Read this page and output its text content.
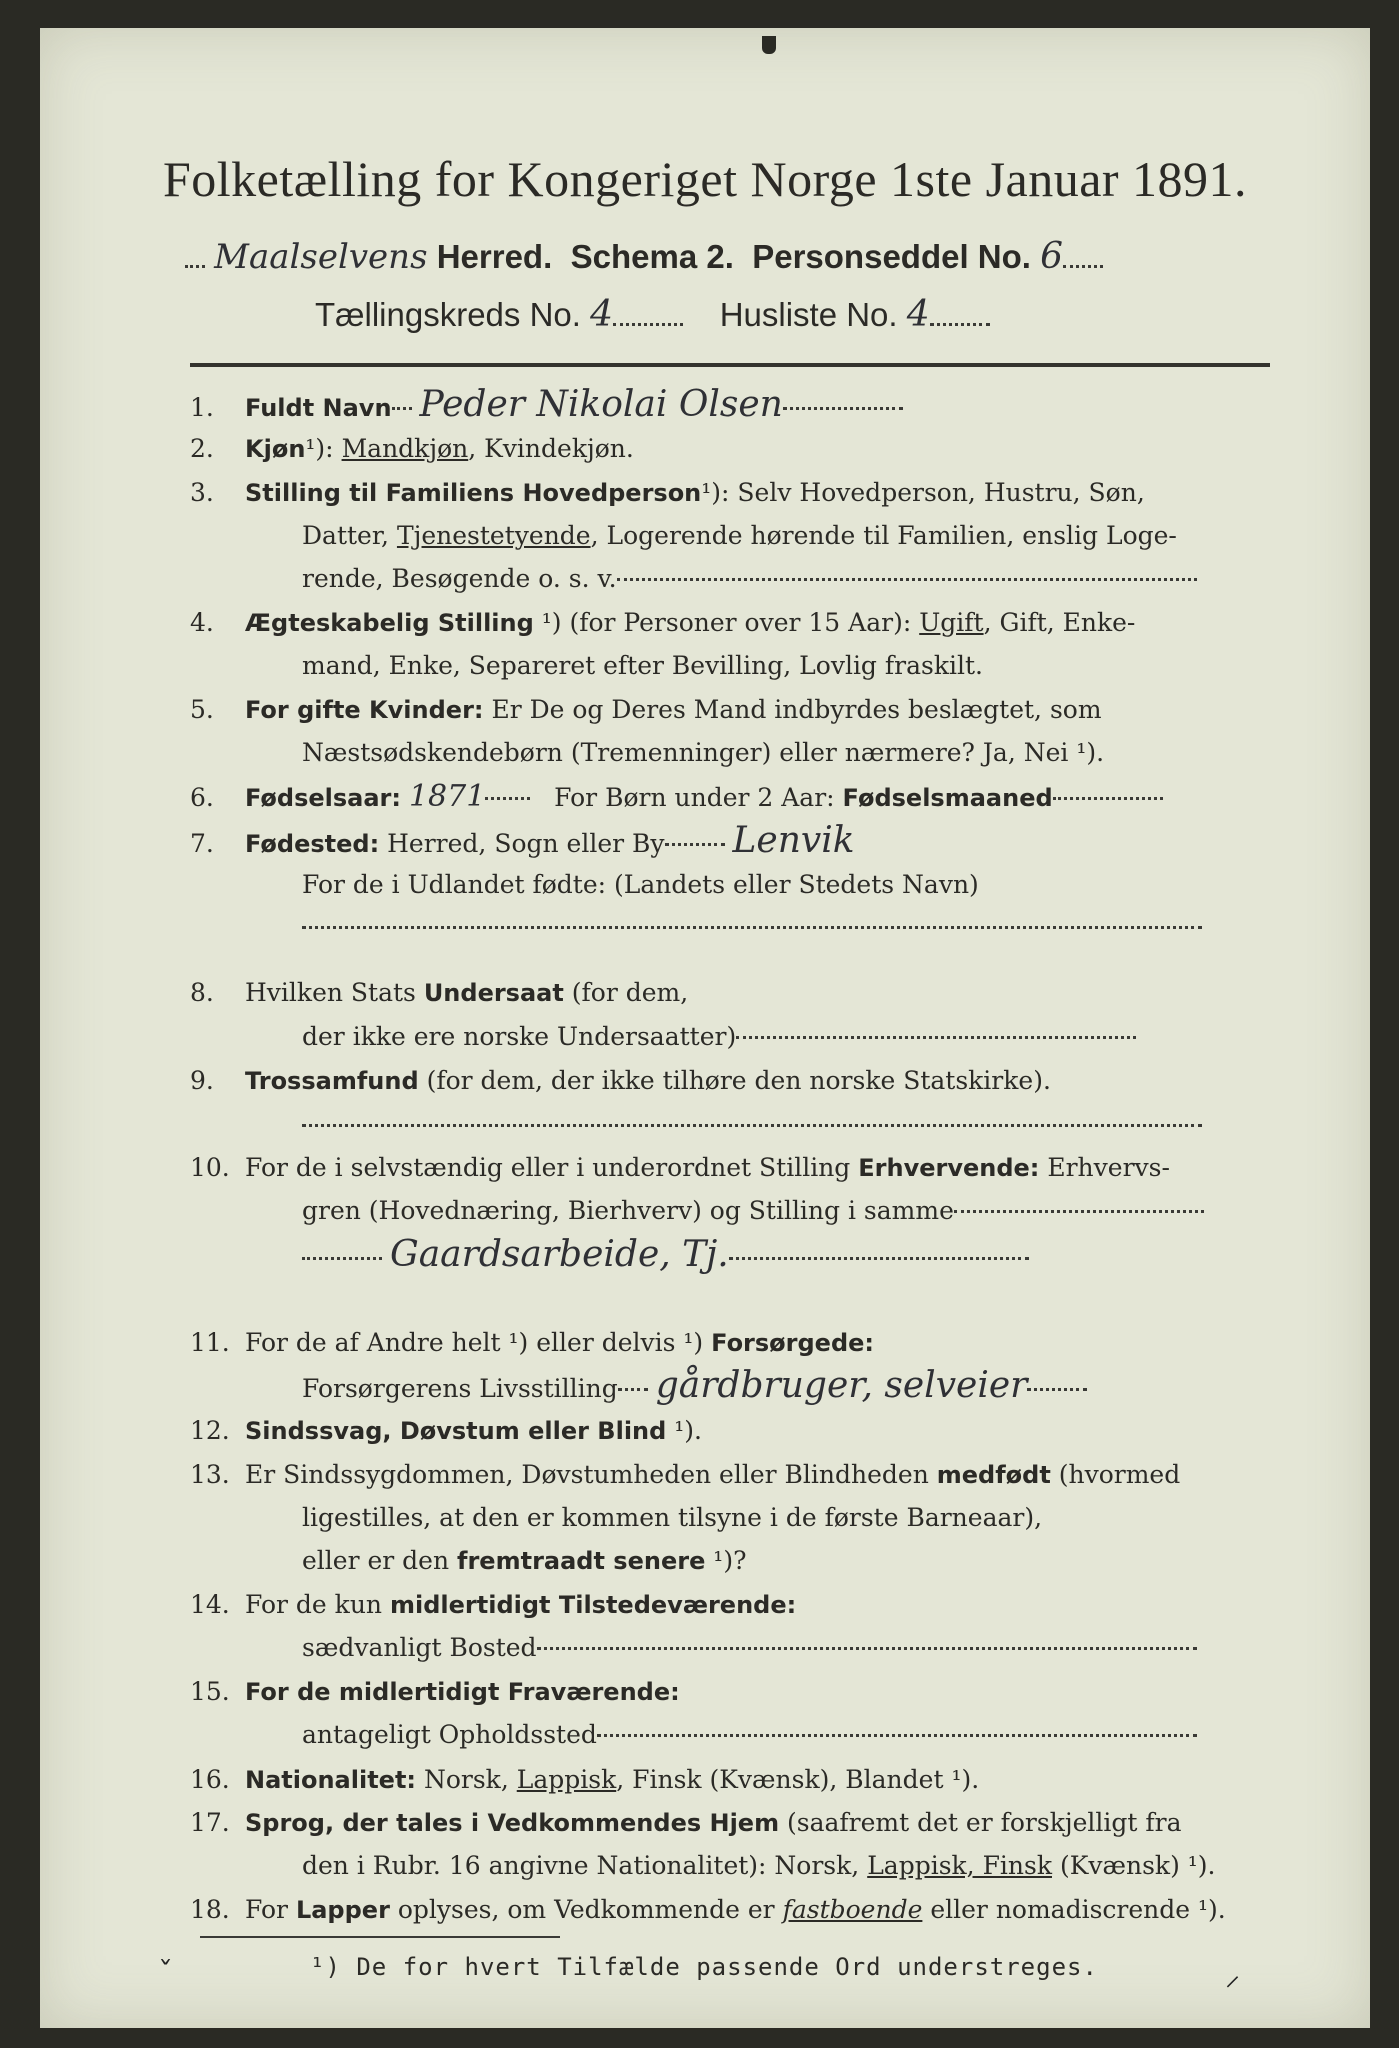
Folketælling for Kongeriget Norge 1ste Januar 1891.
Maalselvens Herred. Schema 2. Personseddel No. 6
Tællingskreds No. 4	Husliste No. 4
1. Fuldt Navn Peder Nikolai Olsen
2. Kjøn¹): Mandkjøn, Kvindekjøn.
3. Stilling til Familiens Hovedperson¹): Selv Hovedperson, Hustru, Søn,
Datter, Tjenestetyende, Logerende hørende til Familien, enslig Loge-
rende, Besøgende o. s. v.
4. Ægteskabelig Stilling ¹) (for Personer over 15 Aar): Ugift, Gift, Enke-
mand, Enke, Separeret efter Bevilling, Lovlig fraskilt.
5. For gifte Kvinder: Er De og Deres Mand indbyrdes beslægtet, som
Næstsødskendebørn (Tremenninger) eller nærmere? Ja, Nei ¹).
6. Fødselsaar: 1871	For Børn under 2 Aar: Fødselsmaaned
7. Fødested: Herred, Sogn eller By Lenvik
For de i Udlandet fødte: (Landets eller Stedets Navn)
8. Hvilken Stats Undersaat (for dem,
der ikke ere norske Undersaatter)
9. Trossamfund (for dem, der ikke tilhøre den norske Statskirke).
10. For de i selvstændig eller i underordnet Stilling Erhvervende: Erhvervs-
gren (Hovednæring, Bierhverv) og Stilling i samme
Gaardsarbeide, Tj.
11. For de af Andre helt ¹) eller delvis ¹) Forsørgede:
Forsørgerens Livsstilling gårdbruger, selveier
12. Sindssvag, Døvstum eller Blind ¹).
13. Er Sindssygdommen, Døvstumheden eller Blindheden medfødt (hvormed
ligestilles, at den er kommen tilsyne i de første Barneaar),
eller er den fremtraadt senere ¹)?
14. For de kun midlertidigt Tilstedeværende:
sædvanligt Bosted
15. For de midlertidigt Fraværende:
antageligt Opholdssted
16. Nationalitet: Norsk, Lappisk, Finsk (Kvænsk), Blandet ¹).
17. Sprog, der tales i Vedkommendes Hjem (saafremt det er forskjelligt fra
den i Rubr. 16 angivne Nationalitet): Norsk, Lappisk, Finsk (Kvænsk) ¹).
18. For Lapper oplyses, om Vedkommende er fastboende eller nomadiscrende ¹).
¹) De for hvert Tilfælde passende Ord understreges.
ˇ	⸝
